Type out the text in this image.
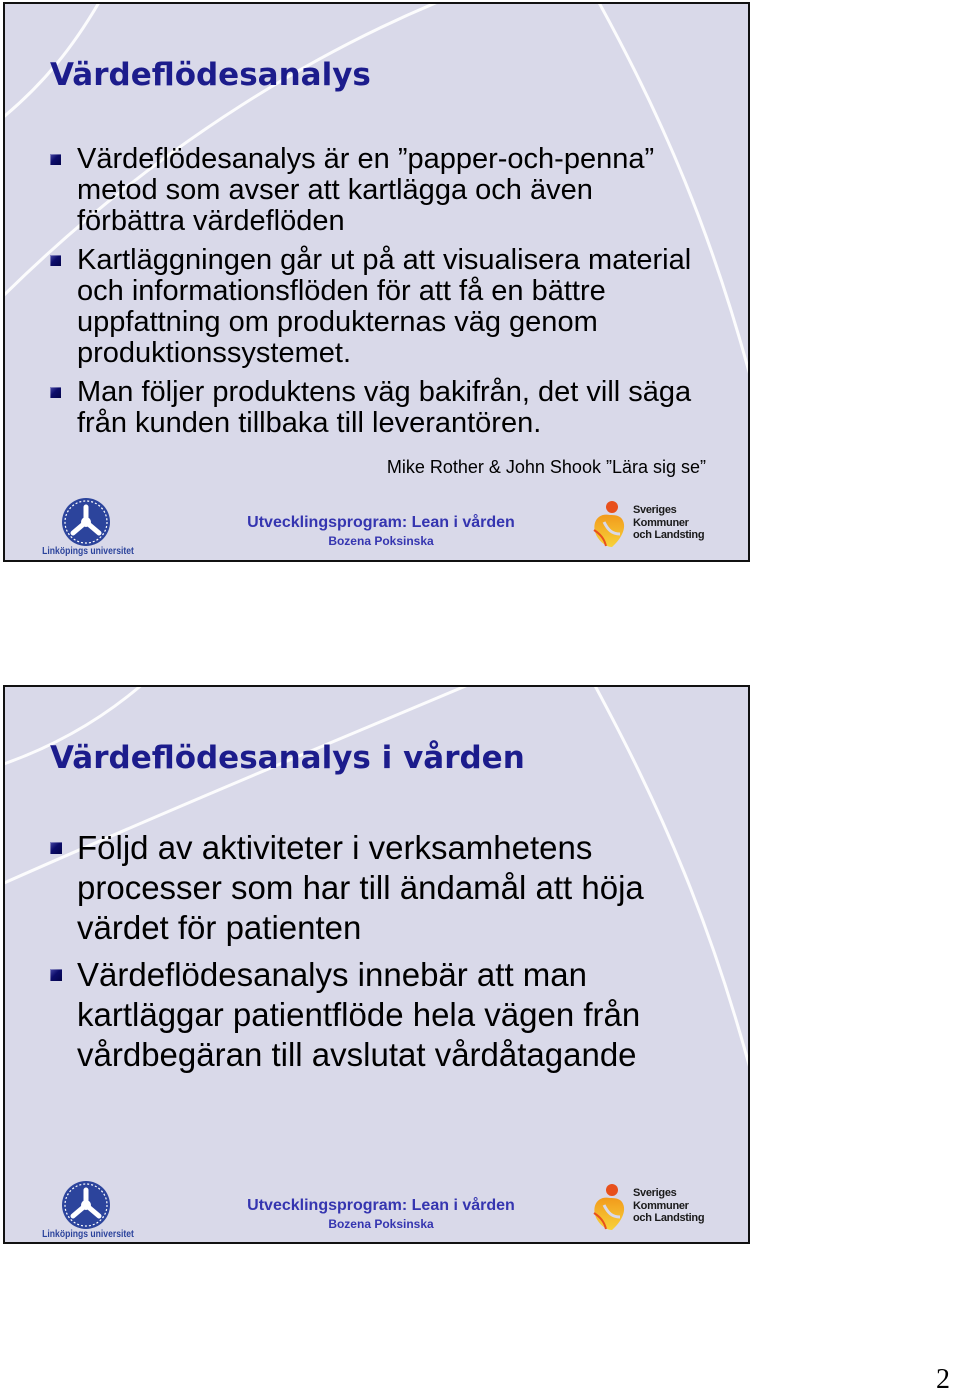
Värdeflödesanalys
Värdeflödesanalys är en ”papper-och-penna”
metod som avser att kartlägga och även
förbättra värdeflöden
Kartläggningen går ut på att visualisera material
och informationsflöden för att få en bättre
uppfattning om produkternas väg genom
produktionssystemet.
Man följer produktens väg bakifrån, det vill säga
från kunden tillbaka till leverantören.
Mike Rother & John Shook ”Lära sig se”
Linköpings universitet
Utvecklingsprogram: Lean i vården
Bozena Poksinska
Sveriges
Kommuner
och Landsting
Värdeflödesanalys i vården
Följd av aktiviteter i verksamhetens
processer som har till ändamål att höja
värdet för patienten
Värdeflödesanalys innebär att man
kartläggar patientflöde hela vägen från
vårdbegäran till avslutat vårdåtagande
Linköpings universitet
Utvecklingsprogram: Lean i vården
Bozena Poksinska
Sveriges
Kommuner
och Landsting
2
